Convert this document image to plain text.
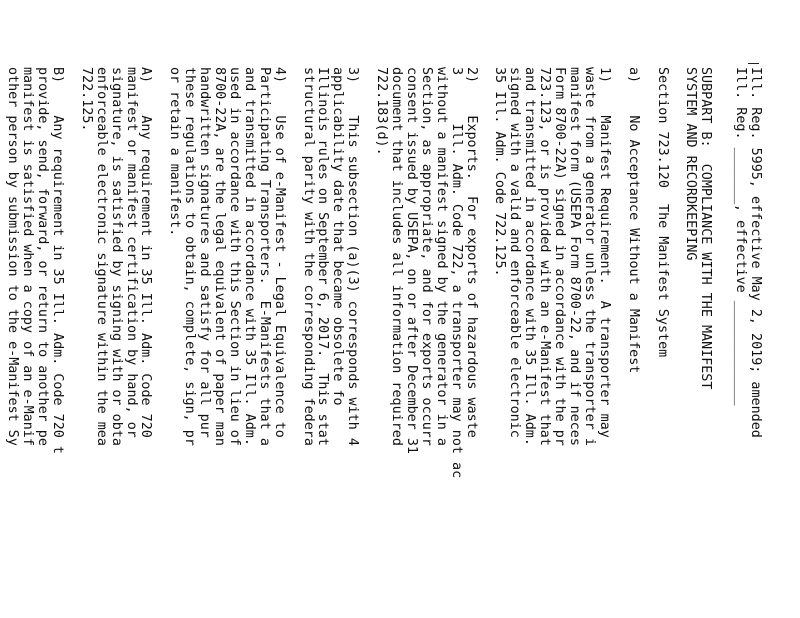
Ill. Reg. 5995, effective May 2, 2019; amended
Ill. Reg. _______, effective _____________
SUBPART B:  COMPLIANCE WITH THE MANIFEST
SYSTEM AND RECORDKEEPING
Section 723.120  The Manifest System
a)    No Acceptance Without a Manifest
1)    Manifest Requirement.  A transporter may
waste from a generator unless the transporter i
manifest form (USEPA Form 8700-22, and if neces
Form 8700-22A) signed in accordance with the pr
723.123, or is provided with an e-Manifest that
and transmitted in accordance with 35 Ill. Adm.
signed with a valid and enforceable electronic
35 Ill. Adm. Code 722.125.
2)    Exports.  For exports of hazardous waste
3      Ill. Adm. Code 722, a transporter may not ac
without a manifest signed by the generator in a
Section, as appropriate, and for exports occurr
consent issued by USEPA, on or after December 31
document that includes all information required
722.183(d).
3)    This subsection (a)(3) corresponds with 4
applicability date that became obsolete fo
Illinois rules on September 6, 2017.  This stat
structural parity with the corresponding federa
4)    Use of e-Manifest - Legal Equivalence to
Participating Transporters.  E-Manifests that a
and transmitted in accordance with 35 Ill. Adm.
used in accordance with this Section in lieu of
8700-22A, are the legal equivalent of paper man
handwritten signatures and satisfy for all pur
these regulations to obtain, complete, sign, pr
or retain a manifest.
A)    Any requirement in 35 Ill. Adm. Code 720
manifest or manifest certification by hand, or
signature, is satisfied by signing with or obta
enforceable electronic signature within the mea
722.125.
B)    Any requirement in 35 Ill. Adm. Code 720 t
provide, send, forward, or return to another pe
manifest is satisfied when a copy of an e-Manif
other person by submission to the e-Manifest Sy
